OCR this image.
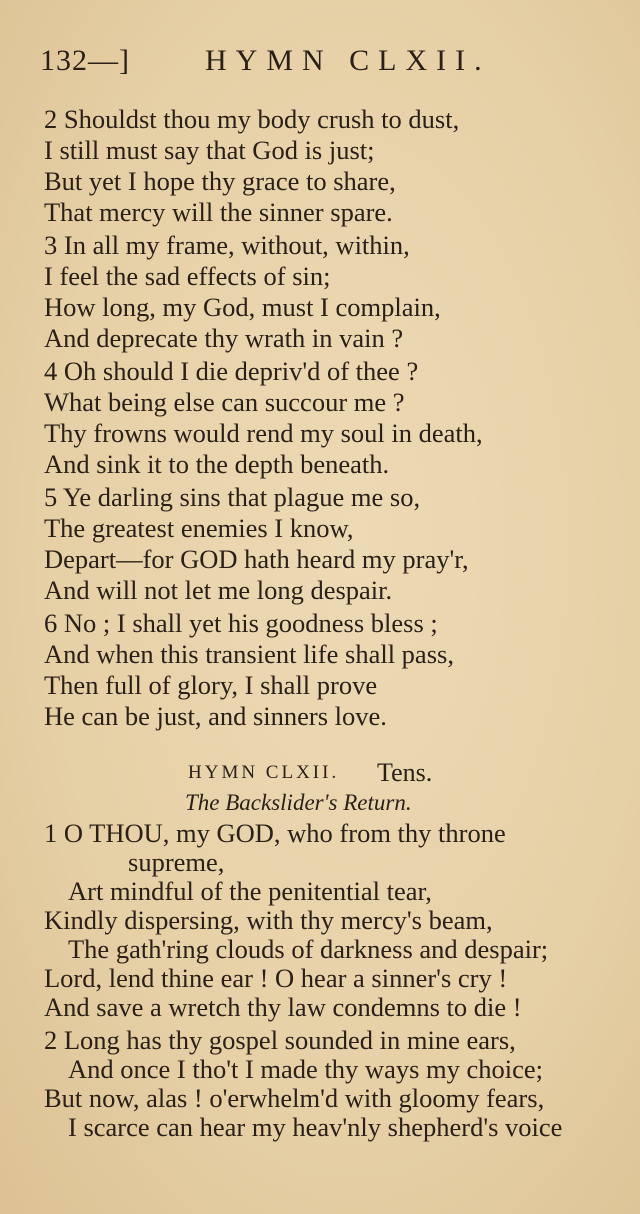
132—]	HYMN CLXII.
2 Shouldst thou my body crush to dust,
I still must say that God is just;
But yet I hope thy grace to share,
That mercy will the sinner spare.
3 In all my frame, without, within,
I feel the sad effects of sin;
How long, my God, must I complain,
And deprecate thy wrath in vain ?
4 Oh should I die depriv'd of thee ?
What being else can succour me ?
Thy frowns would rend my soul in death,
And sink it to the depth beneath.
5 Ye darling sins that plague me so,
The greatest enemies I know,
Depart—for GOD hath heard my pray'r,
And will not let me long despair.
6 No ; I shall yet his goodness bless ;
And when this transient life shall pass,
Then full of glory, I shall prove
He can be just, and sinners love.
HYMN CLXII. Tens.
The Backslider's Return.
1 O THOU, my GOD, who from thy throne
supreme,
Art mindful of the penitential tear,
Kindly dispersing, with thy mercy's beam,
The gath'ring clouds of darkness and despair;
Lord, lend thine ear ! O hear a sinner's cry !
And save a wretch thy law condemns to die !
2 Long has thy gospel sounded in mine ears,
And once I tho't I made thy ways my choice;
But now, alas ! o'erwhelm'd with gloomy fears,
I scarce can hear my heav'nly shepherd's voice
